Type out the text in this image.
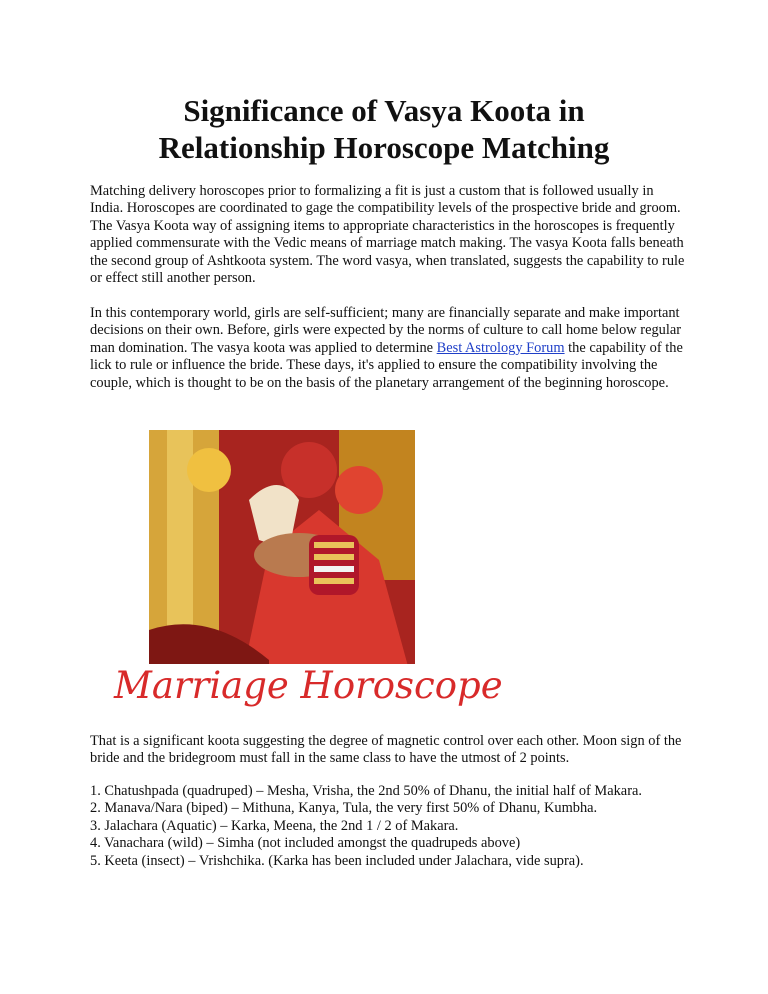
Significance of Vasya Koota in
Relationship Horoscope Matching

Matching delivery horoscopes prior to formalizing a fit is just a custom that is followed usually in India. Horoscopes are coordinated to gage the compatibility levels of the prospective bride and groom. The Vasya Koota way of assigning items to appropriate characteristics in the horoscopes is frequently applied commensurate with the Vedic means of marriage match making. The vasya Koota falls beneath the second group of Ashtkoota system. The word vasya, when translated, suggests the capability to rule or effect still another person.

In this contemporary world, girls are self-sufficient; many are financially separate and make important decisions on their own. Before, girls were expected by the norms of culture to call home below regular man domination. The vasya koota was applied to determine Best Astrology Forum the capability of the lick to rule or influence the bride. These days, it's applied to ensure the compatibility involving the couple, which is thought to be on the basis of the planetary arrangement of the beginning horoscope.

Marriage Horoscope

That is a significant koota suggesting the degree of magnetic control over each other. Moon sign of the bride and the bridegroom must fall in the same class to have the utmost of 2 points.

1. Chatushpada (quadruped) – Mesha, Vrisha, the 2nd 50% of Dhanu, the initial half of Makara.
2. Manava/Nara (biped) – Mithuna, Kanya, Tula, the very first 50% of Dhanu, Kumbha.
3. Jalachara (Aquatic) – Karka, Meena, the 2nd 1 / 2 of Makara.
4. Vanachara (wild) – Simha (not included amongst the quadrupeds above)
5. Keeta (insect) – Vrishchika. (Karka has been included under Jalachara, vide supra).
